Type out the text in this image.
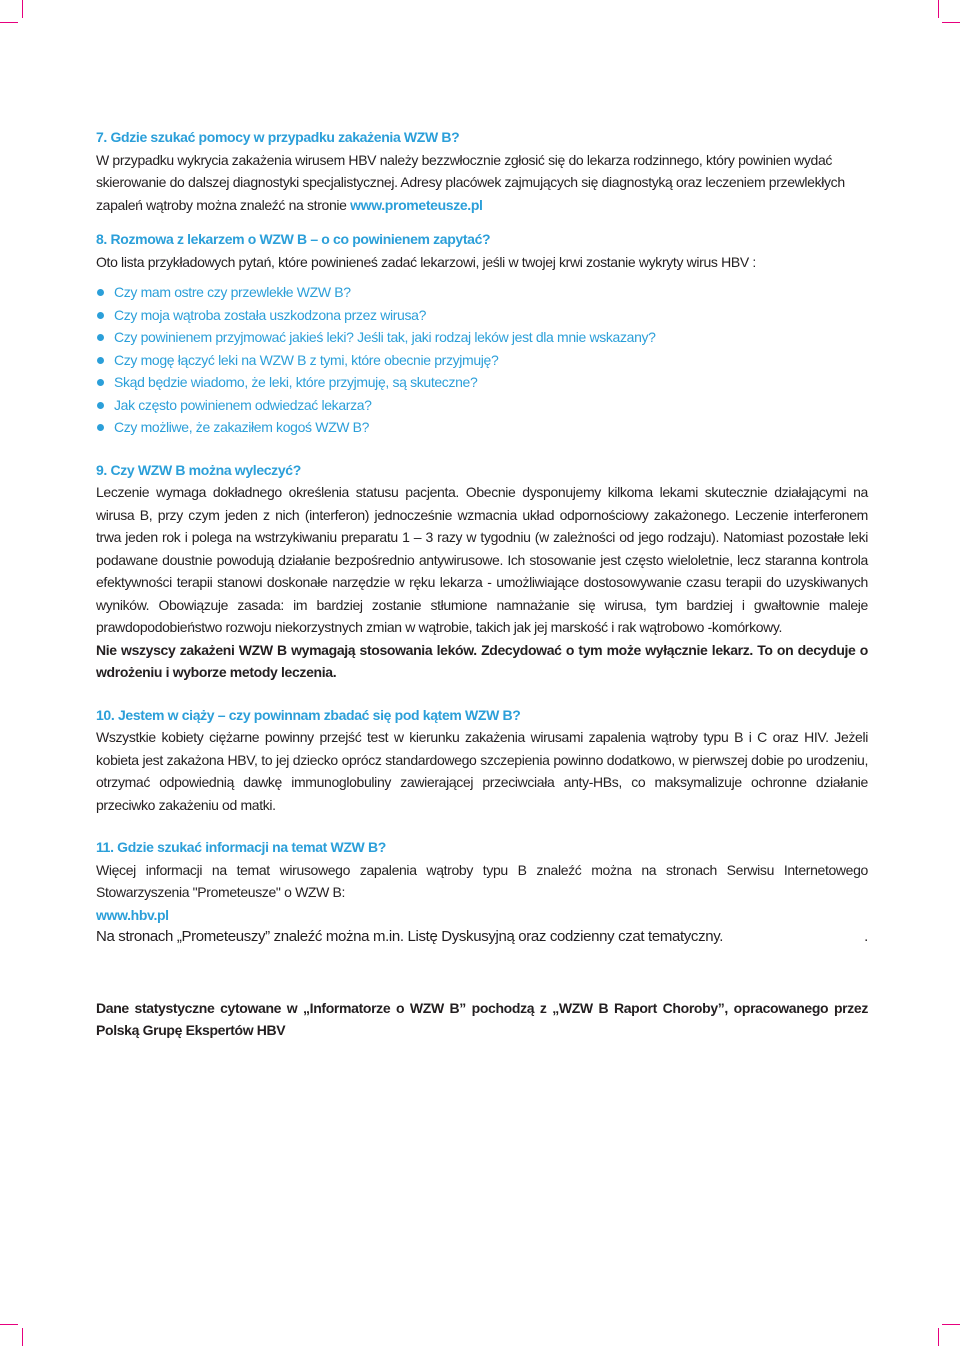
7. Gdzie szukać pomocy w przypadku zakażenia WZW B?

W przypadku wykrycia zakażenia wirusem HBV należy bezzwłocznie zgłosić się do lekarza rodzinnego, który powinien wydać skierowanie do dalszej diagnostyki specjalistycznej. Adresy placówek zajmujących się diagnostyką oraz leczeniem przewlekłych zapaleń wątroby można znaleźć na stronie www.prometeusze.pl

8. Rozmowa z lekarzem o WZW B – o co powinienem zapytać?

Oto lista przykładowych pytań, które powinieneś zadać lekarzowi, jeśli w twojej krwi zostanie wykryty wirus HBV :

Czy mam ostre czy przewlekłe WZW B?
Czy moja wątroba została uszkodzona przez wirusa?
Czy powinienem przyjmować jakieś leki? Jeśli tak, jaki rodzaj leków jest dla mnie wskazany?
Czy mogę łączyć leki na WZW B z tymi, które obecnie przyjmuję?
Skąd będzie wiadomo, że leki, które przyjmuję, są skuteczne?
Jak często powinienem odwiedzać lekarza?
Czy możliwe, że zakaziłem kogoś WZW B?
9. Czy WZW B można wyleczyć?

Leczenie wymaga dokładnego określenia statusu pacjenta. Obecnie dysponujemy kilkoma lekami skutecznie działającymi na wirusa B, przy czym jeden z nich (interferon) jednocześnie wzmacnia układ odpornościowy zakażonego. Leczenie interferonem trwa jeden rok i polega na wstrzykiwaniu preparatu 1 – 3 razy w tygodniu (w zależności od jego rodzaju). Natomiast pozostałe leki podawane doustnie powodują działanie bezpośrednio antywirusowe. Ich stosowanie jest często wieloletnie, lecz staranna kontrola efektywności terapii stanowi doskonałe narzędzie w ręku lekarza - umożliwiające dostosowywanie czasu terapii do uzyskiwanych wyników. Obowiązuje zasada: im bardziej zostanie stłumione namnażanie się wirusa, tym bardziej i gwałtownie maleje prawdopodobieństwo rozwoju niekorzystnych zmian w wątrobie, takich jak jej marskość i rak wątrobowo -komórkowy.

Nie wszyscy zakażeni WZW B wymagają stosowania leków. Zdecydować o tym może wyłącznie lekarz. To on decyduje o wdrożeniu i wyborze metody leczenia.

10. Jestem w ciąży – czy powinnam zbadać się pod kątem WZW B?

Wszystkie kobiety ciężarne powinny przejść test w kierunku zakażenia wirusami zapalenia wątroby typu B i C oraz HIV. Jeżeli kobieta jest zakażona HBV, to jej dziecko oprócz standardowego szczepienia powinno dodatkowo, w pierwszej dobie po urodzeniu, otrzymać odpowiednią dawkę immunoglobuliny zawierającej przeciwciała anty-HBs, co maksymalizuje ochronne działanie przeciwko zakażeniu od matki.

11. Gdzie szukać informacji na temat WZW B?

Więcej informacji na temat wirusowego zapalenia wątroby typu B znaleźć można na stronach Serwisu Internetowego Stowarzyszenia "Prometeusze" o WZW B:

www.hbv.pl

Na stronach „Prometeuszy” znaleźć można m.in. Listę Dyskusyjną oraz codzienny czat tematyczny.	.

Dane statystyczne cytowane w „Informatorze o WZW B” pochodzą z „WZW B Raport Choroby”, opracowanego przez Polską Grupę Ekspertów HBV
